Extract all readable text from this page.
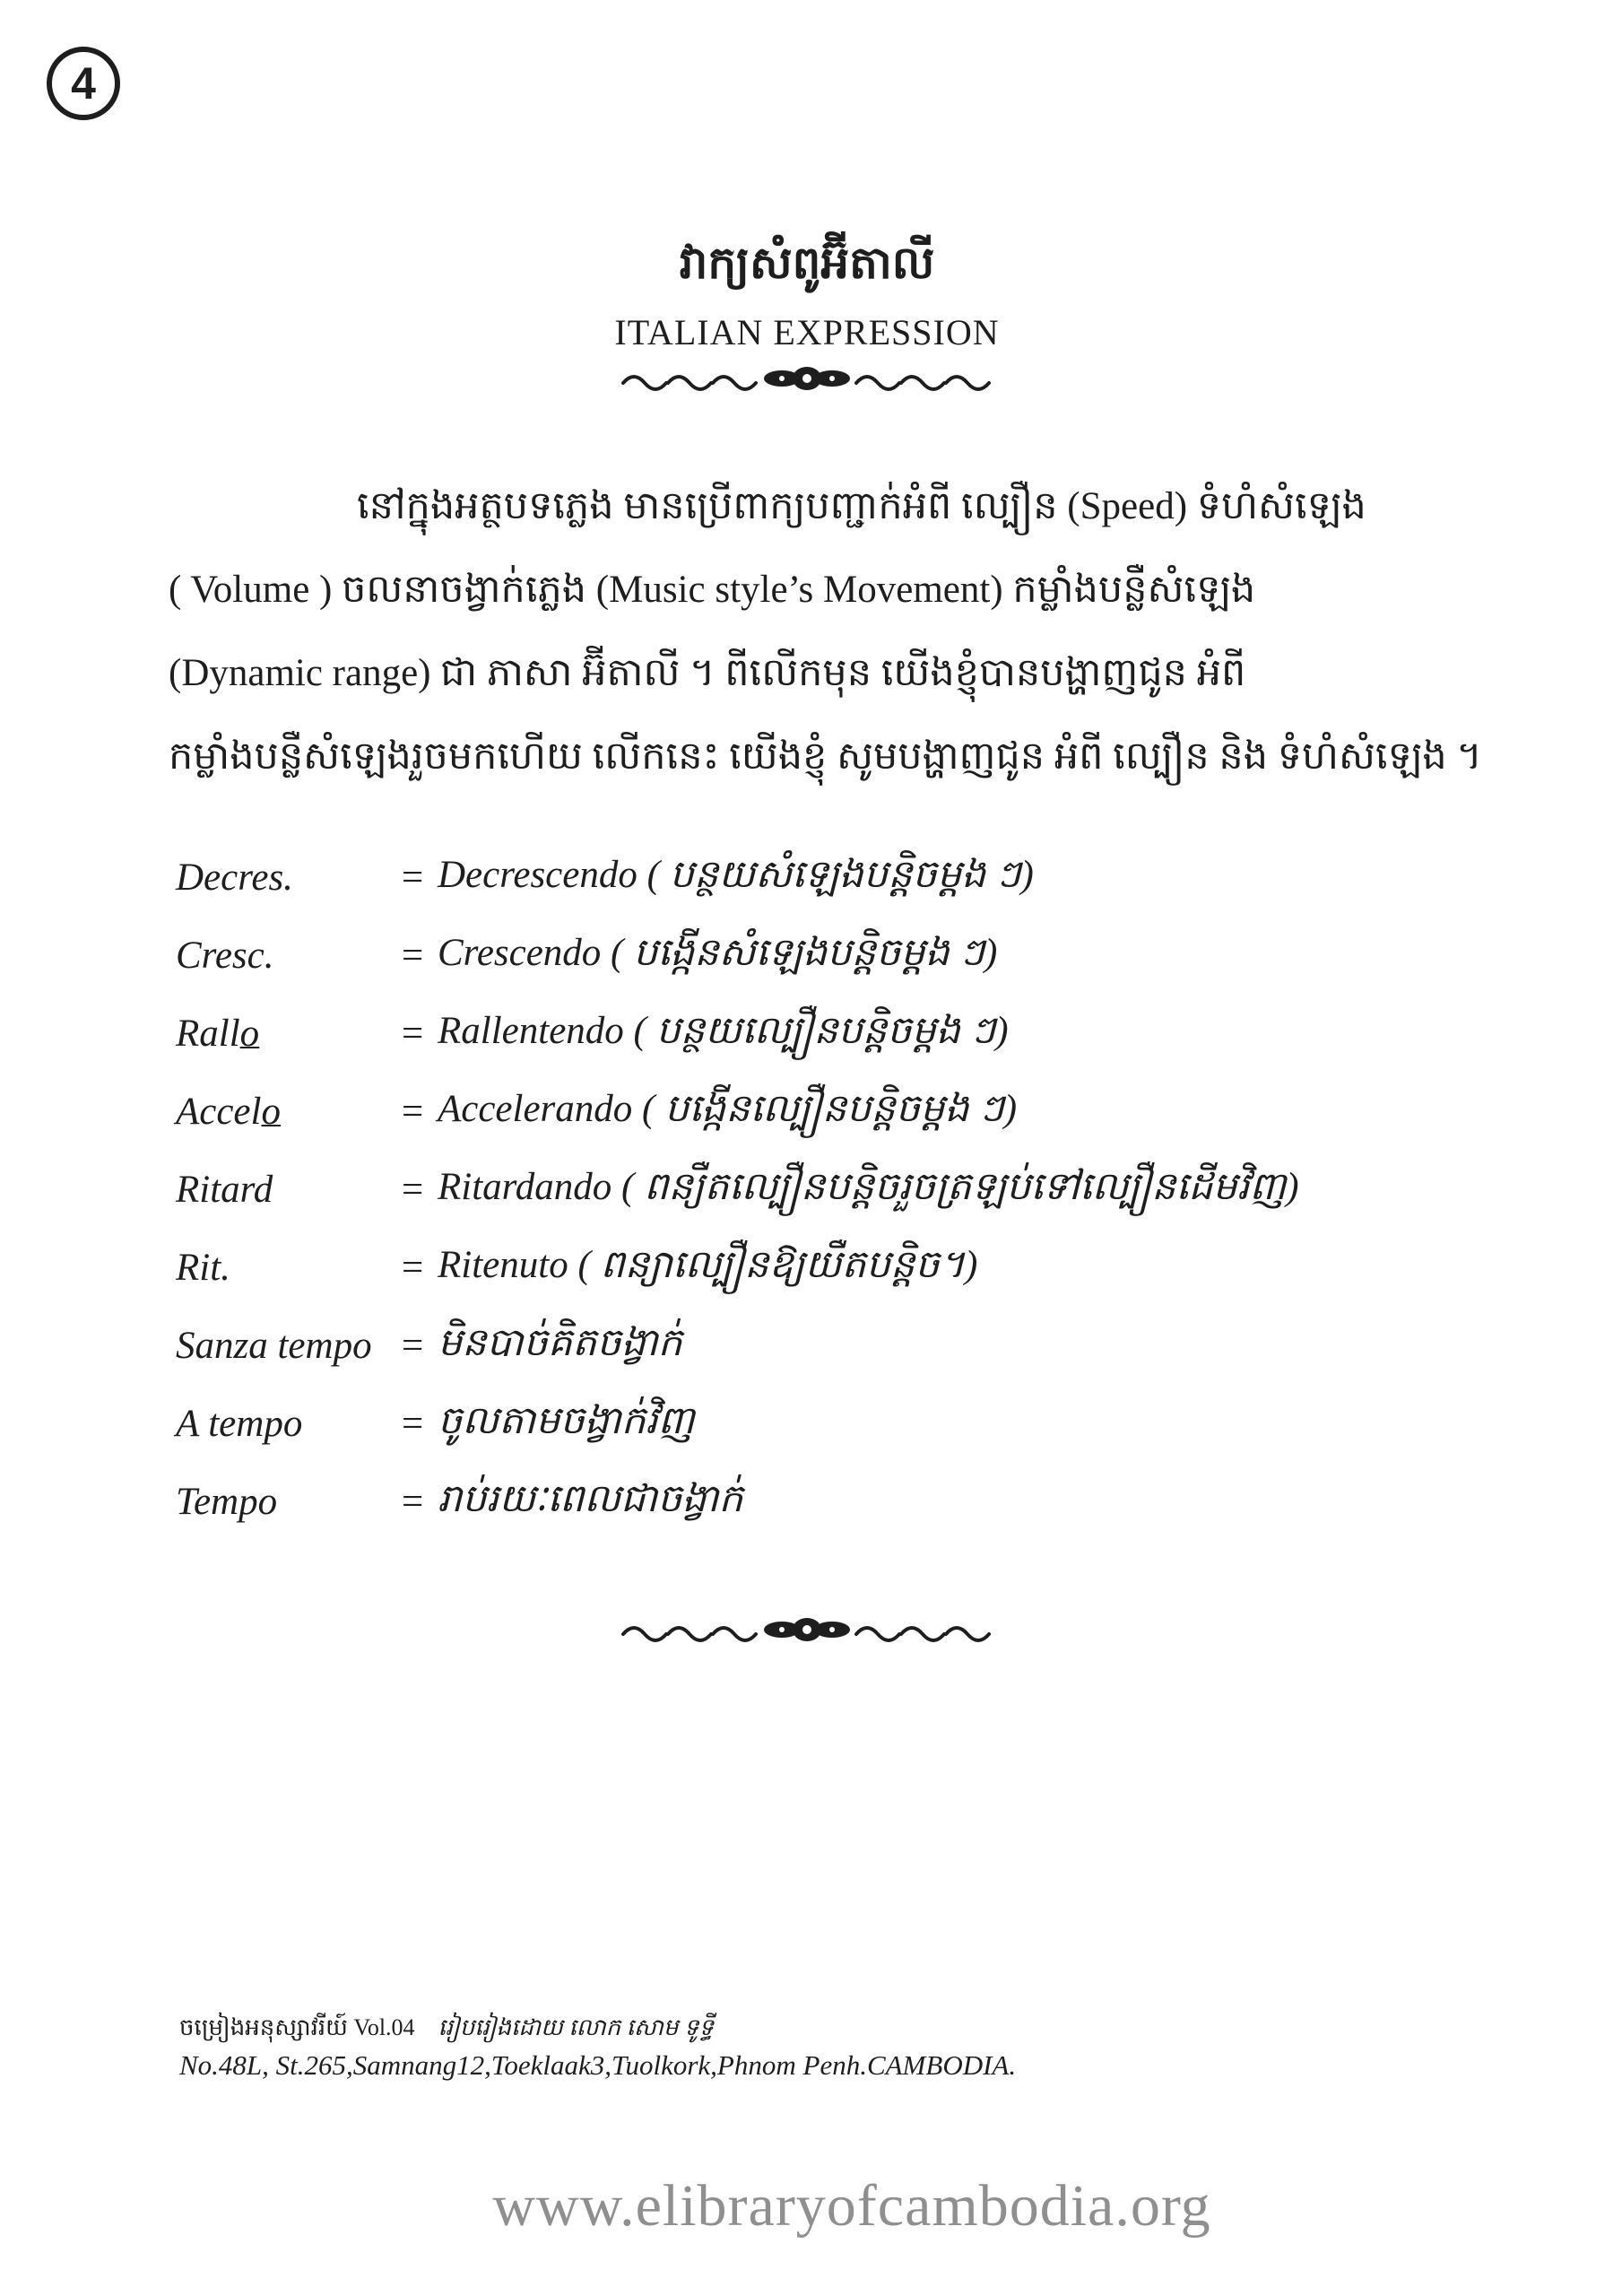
4
វាក្យសំពូអ៊ីតាលី
ITALIAN EXPRESSION

នៅក្នុងអត្ថបទភ្លេង មានប្រើពាក្យបញ្ជាក់អំពី ល្បឿន (Speed) ទំហំសំឡេង

( Volume ) ចលនាចង្វាក់ភ្លេង (Music style’s Movement) កម្លាំងបន្លឺសំឡេង

(Dynamic range) ជា ភាសា អ៊ីតាលី ។ ពីលើកមុន យើងខ្ញុំបានបង្ហាញជូន អំពី

កម្លាំងបន្លឺសំឡេងរួចមកហើយ លើកនេះ យើងខ្ញុំ សូមបង្ហាញជូន អំពី ល្បឿន និង ទំហំសំឡេង ។

Decres.	= Decrescendo ( បន្ថយសំឡេងបន្តិចម្តង ៗ)
Cresc.	= Crescendo ( បង្កើនសំឡេងបន្តិចម្តង ៗ)
Rallo	= Rallentendo ( បន្ថយល្បឿនបន្តិចម្តង ៗ)
Accelo	= Accelerando ( បង្កើនល្បឿនបន្តិចម្តង ៗ)
Ritard	= Ritardando ( ពន្យឺតល្បឿនបន្តិចរួចត្រឡប់ទៅល្បឿនដើមវិញ)
Rit.	= Ritenuto ( ពន្យាល្បឿនឱ្យយឺតបន្តិច។)
Sanza tempo = មិនបាច់គិតចង្វាក់
A tempo	= ចូលតាមចង្វាក់វិញ
Tempo	= រាប់រយៈពេលជាចង្វាក់
ចម្រៀងអនុស្សាវរីយ៍ Vol.04 រៀបរៀងដោយ លោក សោម ទូទ្ធី
No.48L, St.265,Samnang12,Toeklaak3,Tuolkork,Phnom Penh.CAMBODIA.
www.elibraryofcambodia.org
